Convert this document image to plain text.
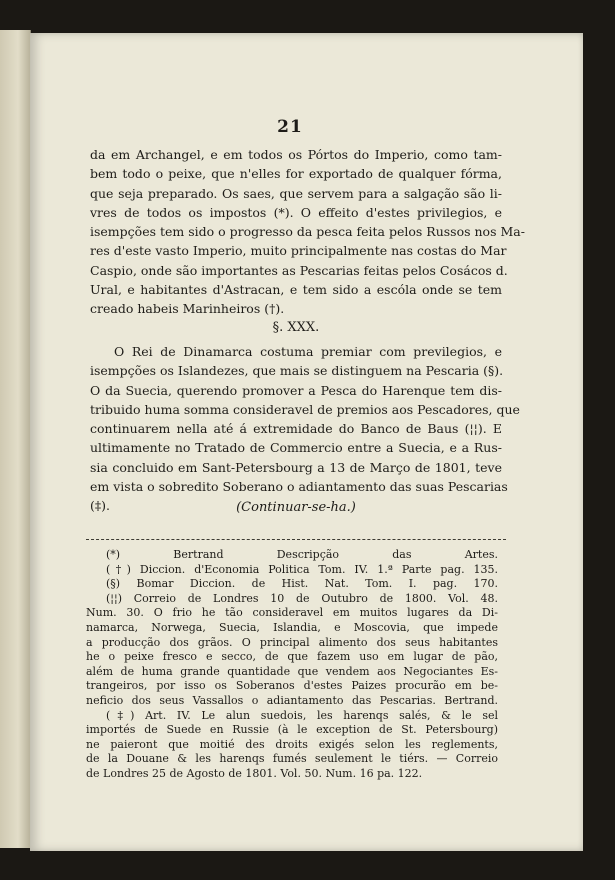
21
da em Archangel, e em todos os Pórtos do Imperio, como tam-
bem todo o peixe, que n'elles for exportado de qualquer fórma,
que seja preparado. Os saes, que servem para a salgação são li-
vres de todos os impostos (*). O effeito d'estes privilegios, e
isempções tem sido o progresso da pesca feita pelos Russos nos Ma-
res d'este vasto Imperio, muito principalmente nas costas do Mar
Caspio, onde são importantes as Pescarias feitas pelos Cosácos d.
Ural, e habitantes d'Astracan, e tem sido a escóla onde se tem
creado habeis Marinheiros (†).
§. XXX.
O Rei de Dinamarca costuma premiar com previlegios, e
isempções os Islandezes, que mais se distinguem na Pescaria (§).
O da Suecia, querendo promover a Pesca do Harenque tem dis-
tribuido huma somma consideravel de premios aos Pescadores, que
continuarem nella até á extremidade do Banco de Baus (¦¦). E
ultimamente no Tratado de Commercio entre a Suecia, e a Rus-
sia concluido em Sant-Petersbourg a 13 de Março de 1801, teve
em vista o sobredito Soberano o adiantamento das suas Pescarias
(‡).	(Continuar-se-ha.)
(*) Bertrand Descripção das Artes.
(†) Diccion. d'Economia Politica Tom. IV. 1.ª Parte pag. 135.
(§) Bomar Diccion. de Hist. Nat. Tom. I. pag. 170.
(¦¦) Correio de Londres 10 de Outubro de 1800. Vol. 48.
Num. 30. O frio he tão consideravel em muitos lugares da Di-
namarca, Norwega, Suecia, Islandia, e Moscovia, que impede
a producção dos grãos. O principal alimento dos seus habitantes
he o peixe fresco e secco, de que fazem uso em lugar de pão,
além de huma grande quantidade que vendem aos Negociantes Es-
trangeiros, por isso os Soberanos d'estes Paizes procurão em be-
neficio dos seus Vassallos o adiantamento das Pescarias. Bertrand.
(‡) Art. IV. Le alun suedois, les harenqs salés, & le sel
importés de Suede en Russie (à le exception de St. Petersbourg)
ne paieront que moitié des droits exigés selon les reglements,
de la Douane & les harenqs fumés seulement le tiérs. — Correio
de Londres 25 de Agosto de 1801. Vol. 50. Num. 16 pa. 122.
